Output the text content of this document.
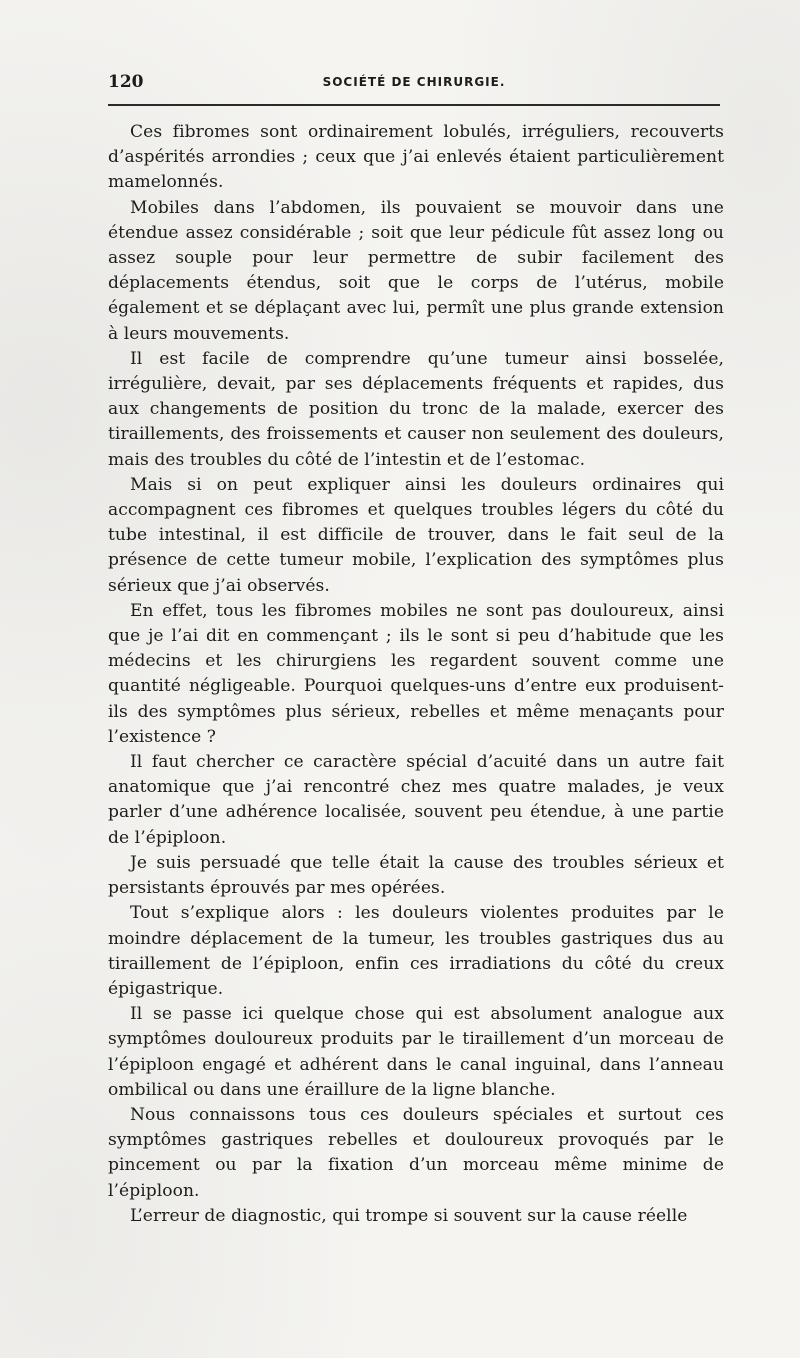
120	SOCIÉTÉ DE CHIRURGIE.

Ces fibromes sont ordinairement lobulés, irréguliers, recouverts d’aspérités arrondies ; ceux que j’ai enlevés étaient particulièrement mamelonnés.

Mobiles dans l’abdomen, ils pouvaient se mouvoir dans une étendue assez considérable ; soit que leur pédicule fût assez long ou assez souple pour leur permettre de subir facilement des déplacements étendus, soit que le corps de l’utérus, mobile également et se déplaçant avec lui, permît une plus grande extension à leurs mouvements.

Il est facile de comprendre qu’une tumeur ainsi bosselée, irrégulière, devait, par ses déplacements fréquents et rapides, dus aux changements de position du tronc de la malade, exercer des tiraillements, des froissements et causer non seulement des douleurs, mais des troubles du côté de l’intestin et de l’estomac.

Mais si on peut expliquer ainsi les douleurs ordinaires qui accompagnent ces fibromes et quelques troubles légers du côté du tube intestinal, il est difficile de trouver, dans le fait seul de la présence de cette tumeur mobile, l’explication des symptômes plus sérieux que j’ai observés.

En effet, tous les fibromes mobiles ne sont pas douloureux, ainsi que je l’ai dit en commençant ; ils le sont si peu d’habitude que les médecins et les chirurgiens les regardent souvent comme une quantité négligeable. Pourquoi quelques-uns d’entre eux produisent-ils des symptômes plus sérieux, rebelles et même menaçants pour l’existence ?

Il faut chercher ce caractère spécial d’acuité dans un autre fait anatomique que j’ai rencontré chez mes quatre malades, je veux parler d’une adhérence localisée, souvent peu étendue, à une partie de l’épiploon.

Je suis persuadé que telle était la cause des troubles sérieux et persistants éprouvés par mes opérées.

Tout s’explique alors : les douleurs violentes produites par le moindre déplacement de la tumeur, les troubles gastriques dus au tiraillement de l’épiploon, enfin ces irradiations du côté du creux épigastrique.

Il se passe ici quelque chose qui est absolument analogue aux symptômes douloureux produits par le tiraillement d’un morceau de l’épiploon engagé et adhérent dans le canal inguinal, dans l’anneau ombilical ou dans une éraillure de la ligne blanche.

Nous connaissons tous ces douleurs spéciales et surtout ces symptômes gastriques rebelles et douloureux provoqués par le pincement ou par la fixation d’un morceau même minime de l’épiploon.

L’erreur de diagnostic, qui trompe si souvent sur la cause réelle
